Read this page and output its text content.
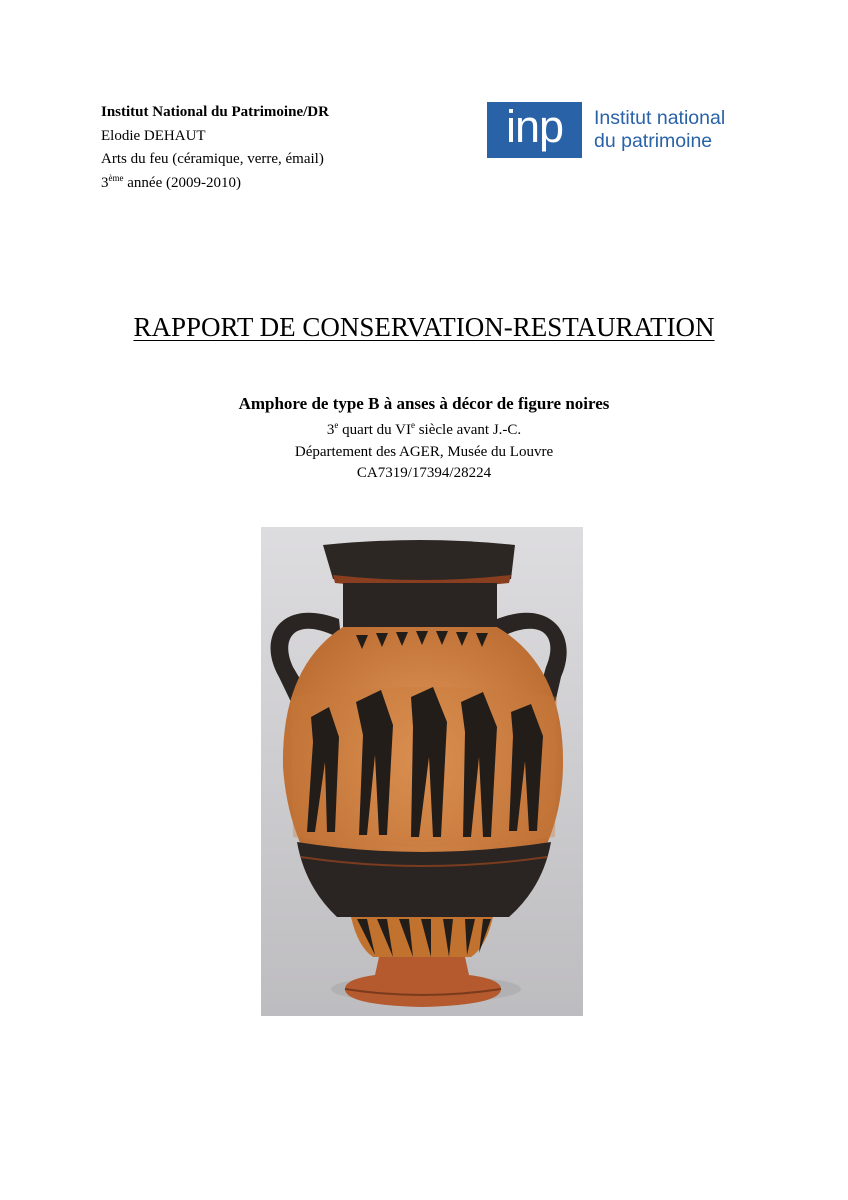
Institut National du Patrimoine/DR
Elodie DEHAUT
Arts du feu (céramique, verre, émail)
3ème année (2009-2010)
inp	Institut national
du patrimoine
RAPPORT DE CONSERVATION-RESTAURATION
Amphore de type B à anses à décor de figure noires
3e quart du VIe siècle avant J.-C.
Département des AGER, Musée du Louvre
CA7319/17394/28224
